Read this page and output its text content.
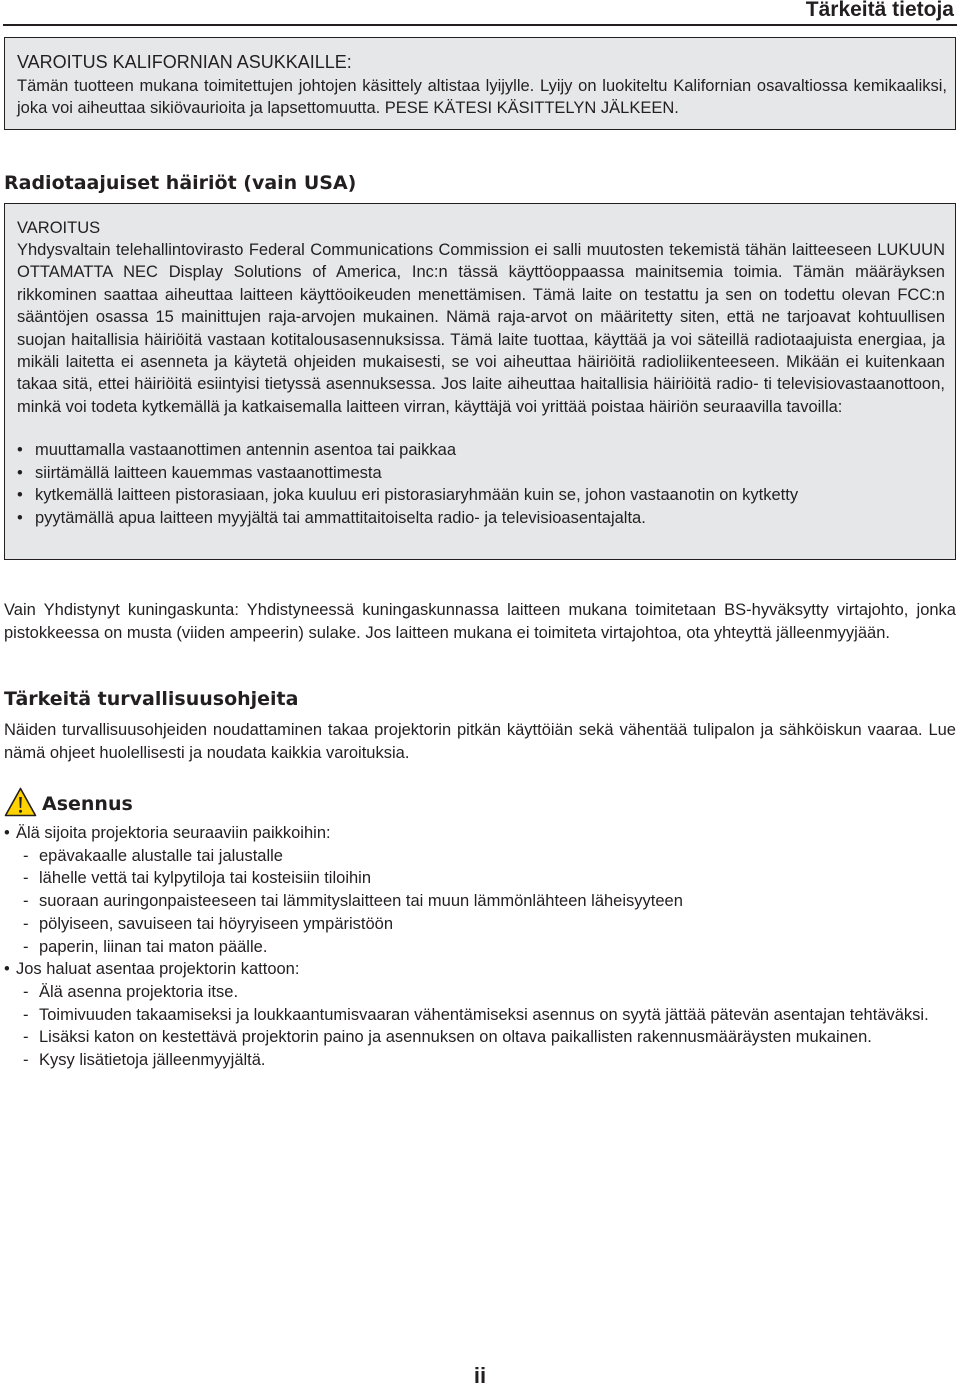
Tärkeitä tietoja
VAROITUS KALIFORNIAN ASUKKAILLE:
Tämän tuotteen mukana toimitettujen johtojen käsittely altistaa lyijylle. Lyijy on luokiteltu Kalifornian osavaltiossa kemikaaliksi, joka voi aiheuttaa sikiövaurioita ja lapsettomuutta. PESE KÄTESI KÄSITTELYN JÄLKEEN.
Radiotaajuiset häiriöt (vain USA)
VAROITUS
Yhdysvaltain telehallintovirasto Federal Communications Commission ei salli muutosten tekemistä tähän laitteeseen LUKUUN OTTAMATTA NEC Display Solutions of America, Inc:n tässä käyttöoppaassa mainitsemia toimia. Tämän määräyksen rikkominen saattaa aiheuttaa laitteen käyttöoikeuden menettämisen. Tämä laite on testattu ja sen on todettu olevan FCC:n sääntöjen osassa 15 mainittujen raja-arvojen mukainen. Nämä raja-arvot on määritetty siten, että ne tarjoavat kohtuullisen suojan haitallisia häiriöitä vastaan kotitalousasennuksissa. Tämä laite tuottaa, käyttää ja voi säteillä radiotaajuista energiaa, ja mikäli laitetta ei asenneta ja käytetä ohjeiden mukaisesti, se voi aiheuttaa häiriöitä radioliikenteeseen. Mikään ei kuitenkaan takaa sitä, ettei häiriöitä esiintyisi tietyssä asennuksessa. Jos laite aiheuttaa haitallisia häiriöitä radio- ti televisiovastaanottoon, minkä voi todeta kytkemällä ja katkaisemalla laitteen virran, käyttäjä voi yrittää poistaa häiriön seuraavilla tavoilla:
• muuttamalla vastaanottimen antennin asentoa tai paikkaa
• siirtämällä laitteen kauemmas vastaanottimesta
• kytkemällä laitteen pistorasiaan, joka kuuluu eri pistorasiaryhmään kuin se, johon vastaanotin on kytketty
• pyytämällä apua laitteen myyjältä tai ammattitaitoiselta radio- ja televisioasentajalta.
Vain Yhdistynyt kuningaskunta: Yhdistyneessä kuningaskunnassa laitteen mukana toimitetaan BS-hyväksytty virtajohto, jonka pistokkeessa on musta (viiden ampeerin) sulake. Jos laitteen mukana ei toimiteta virtajohtoa, ota yhteyttä jälleenmyyjään.
Tärkeitä turvallisuusohjeita
Näiden turvallisuusohjeiden noudattaminen takaa projektorin pitkän käyttöiän sekä vähentää tulipalon ja sähköiskun vaaraa. Lue nämä ohjeet huolellisesti ja noudata kaikkia varoituksia.
Asennus
• Älä sijoita projektoria seuraaviin paikkoihin:
- epävakaalle alustalle tai jalustalle
- lähelle vettä tai kylpytiloja tai kosteisiin tiloihin
- suoraan auringonpaisteeseen tai lämmityslaitteen tai muun lämmönlähteen läheisyyteen
- pölyiseen, savuiseen tai höyryiseen ympäristöön
- paperin, liinan tai maton päälle.
• Jos haluat asentaa projektorin kattoon:
- Älä asenna projektoria itse.
- Toimivuuden takaamiseksi ja loukkaantumisvaaran vähentämiseksi asennus on syytä jättää pätevän asentajan tehtäväksi.
- Lisäksi katon on kestettävä projektorin paino ja asennuksen on oltava paikallisten rakennusmääräysten mukainen.
- Kysy lisätietoja jälleenmyyjältä.
ii
